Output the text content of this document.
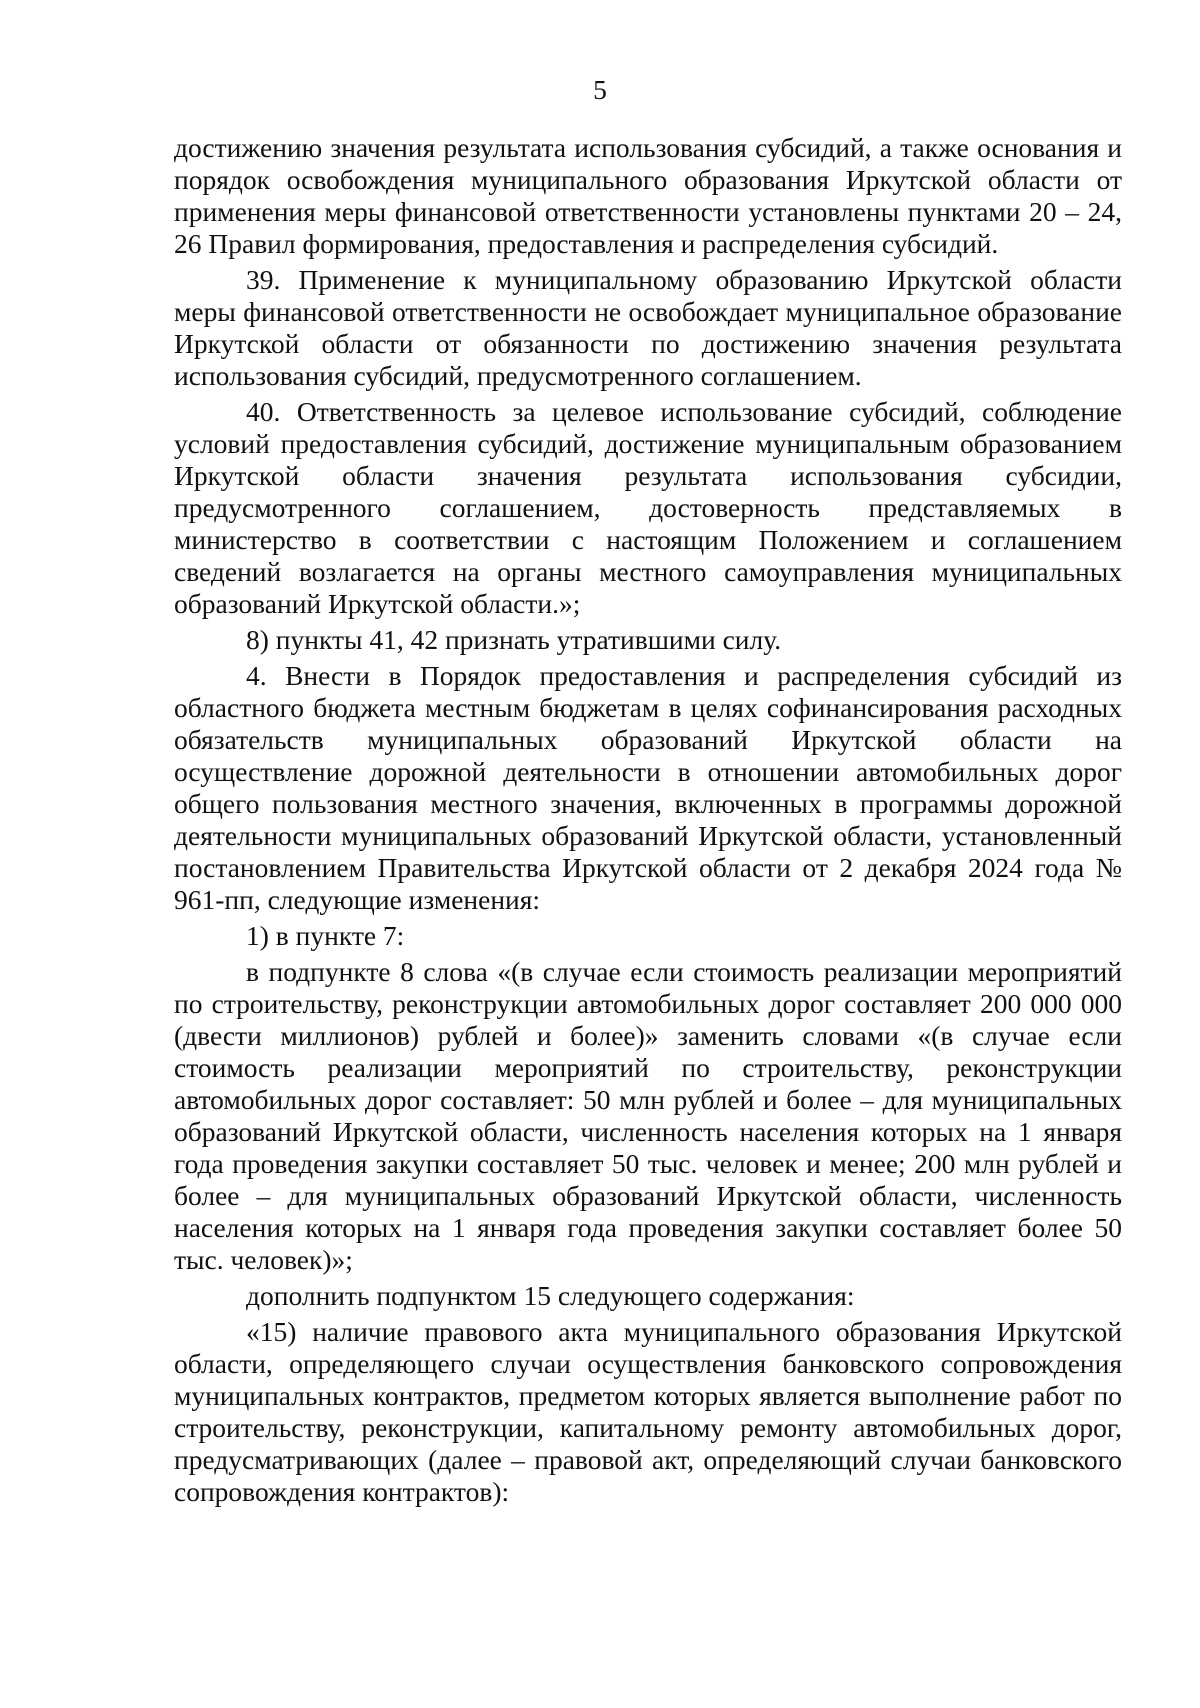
5

достижению значения результата использования субсидий, а также основания и порядок освобождения муниципального образования Иркутской области от применения меры финансовой ответственности установлены пунктами 20 – 24, 26 Правил формирования, предоставления и распределения субсидий.

39. Применение к муниципальному образованию Иркутской области меры финансовой ответственности не освобождает муниципальное образование Иркутской области от обязанности по достижению значения результата использования субсидий, предусмотренного соглашением.

40. Ответственность за целевое использование субсидий, соблюдение условий предоставления субсидий, достижение муниципальным образованием Иркутской области значения результата использования субсидии, предусмотренного соглашением, достоверность представляемых в министерство в соответствии с настоящим Положением и соглашением сведений возлагается на органы местного самоуправления муниципальных образований Иркутской области.»;

8) пункты 41, 42 признать утратившими силу.

4. Внести в Порядок предоставления и распределения субсидий из областного бюджета местным бюджетам в целях софинансирования расходных обязательств муниципальных образований Иркутской области на осуществление дорожной деятельности в отношении автомобильных дорог общего пользования местного значения, включенных в программы дорожной деятельности муниципальных образований Иркутской области, установленный постановлением Правительства Иркутской области от 2 декабря 2024 года № 961-пп, следующие изменения:

1) в пункте 7:

в подпункте 8 слова «(в случае если стоимость реализации мероприятий по строительству, реконструкции автомобильных дорог составляет 200 000 000 (двести миллионов) рублей и более)» заменить словами «(в случае если стоимость реализации мероприятий по строительству, реконструкции автомобильных дорог составляет: 50 млн рублей и более – для муниципальных образований Иркутской области, численность населения которых на 1 января года проведения закупки составляет 50 тыс. человек и менее; 200 млн рублей и более – для муниципальных образований Иркутской области, численность населения которых на 1 января года проведения закупки составляет более 50 тыс. человек)»;

дополнить подпунктом 15 следующего содержания:

«15) наличие правового акта муниципального образования Иркутской области, определяющего случаи осуществления банковского сопровождения муниципальных контрактов, предметом которых является выполнение работ по строительству, реконструкции, капитальному ремонту автомобильных дорог, предусматривающих (далее – правовой акт, определяющий случаи банковского сопровождения контрактов):
